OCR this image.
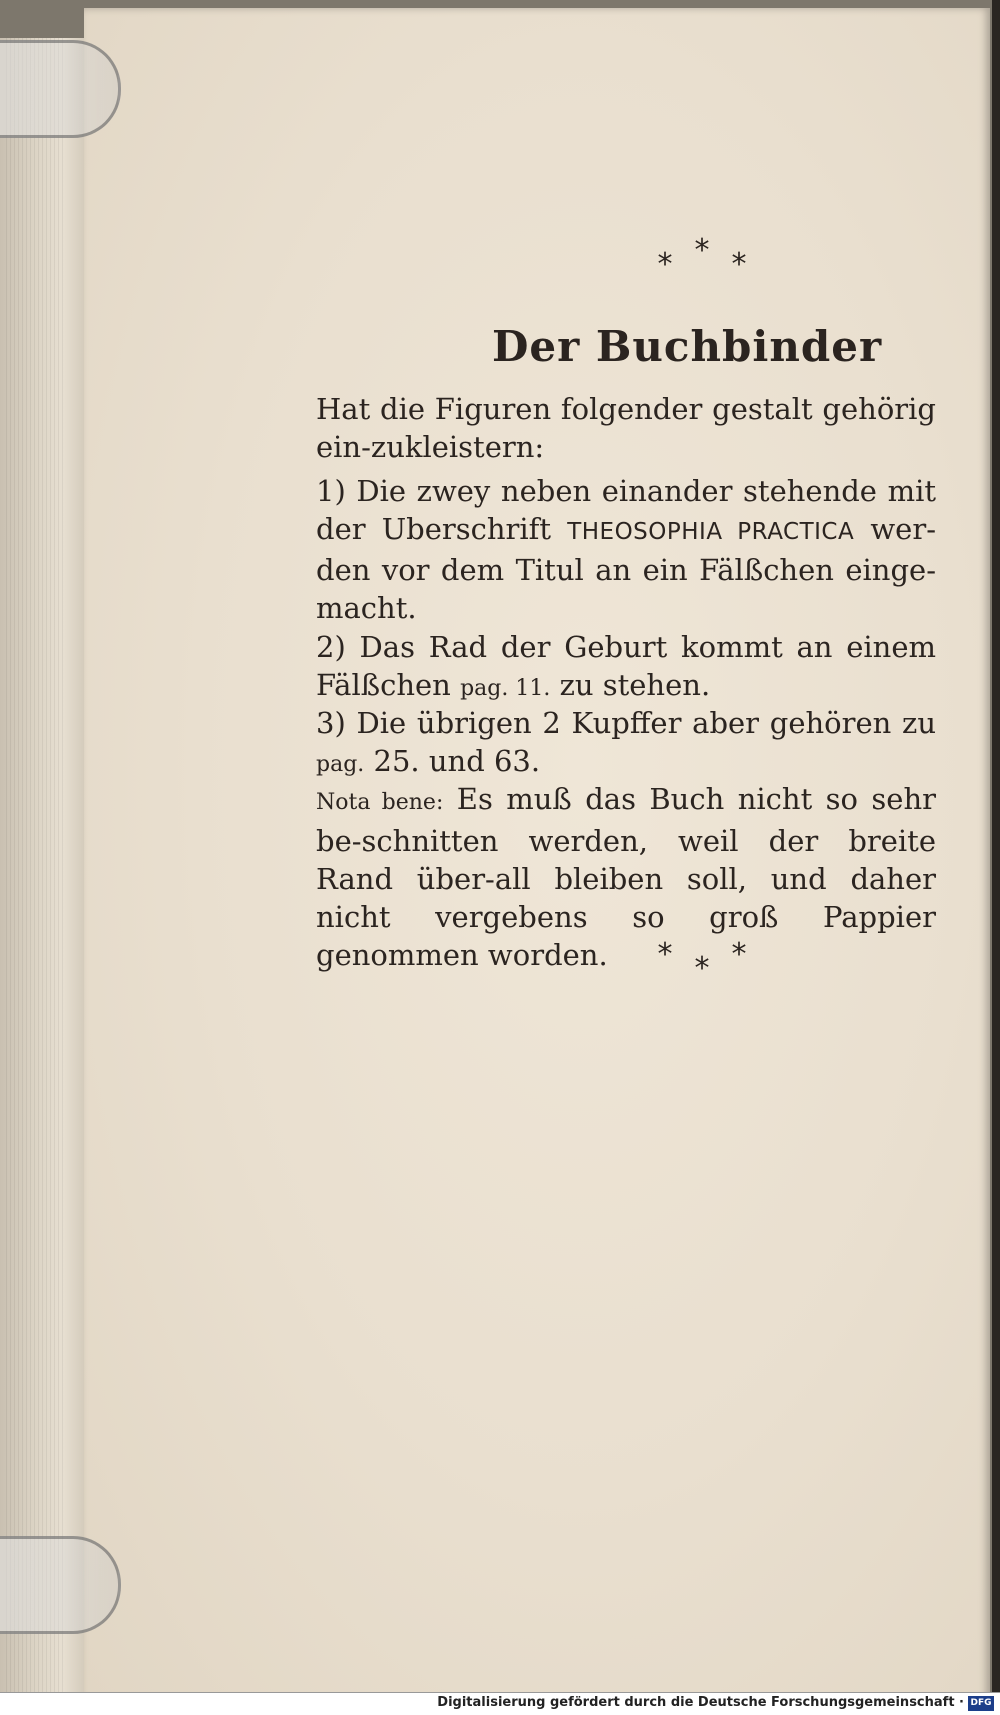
***
Der Buchbinder
Hat die Figuren folgender gestalt gehörig ein-zukleistern:
1) Die zwey neben einander stehende mit der Uberschrift THEOSOPHIA PRACTICA wer-den vor dem Titul an ein Fälßchen einge-macht.
2) Das Rad der Geburt kommt an einem Fälßchen pag. 11. zu stehen.
3) Die übrigen 2 Kupffer aber gehören zu pag. 25. und 63.
Nota bene: Es muß das Buch nicht so sehr be-schnitten werden, weil der breite Rand über-all bleiben soll, und daher nicht vergebens so groß Pappier genommen worden.	***
Digitalisierung gefördert durch die Deutsche Forschungsgemeinschaft · DFG
